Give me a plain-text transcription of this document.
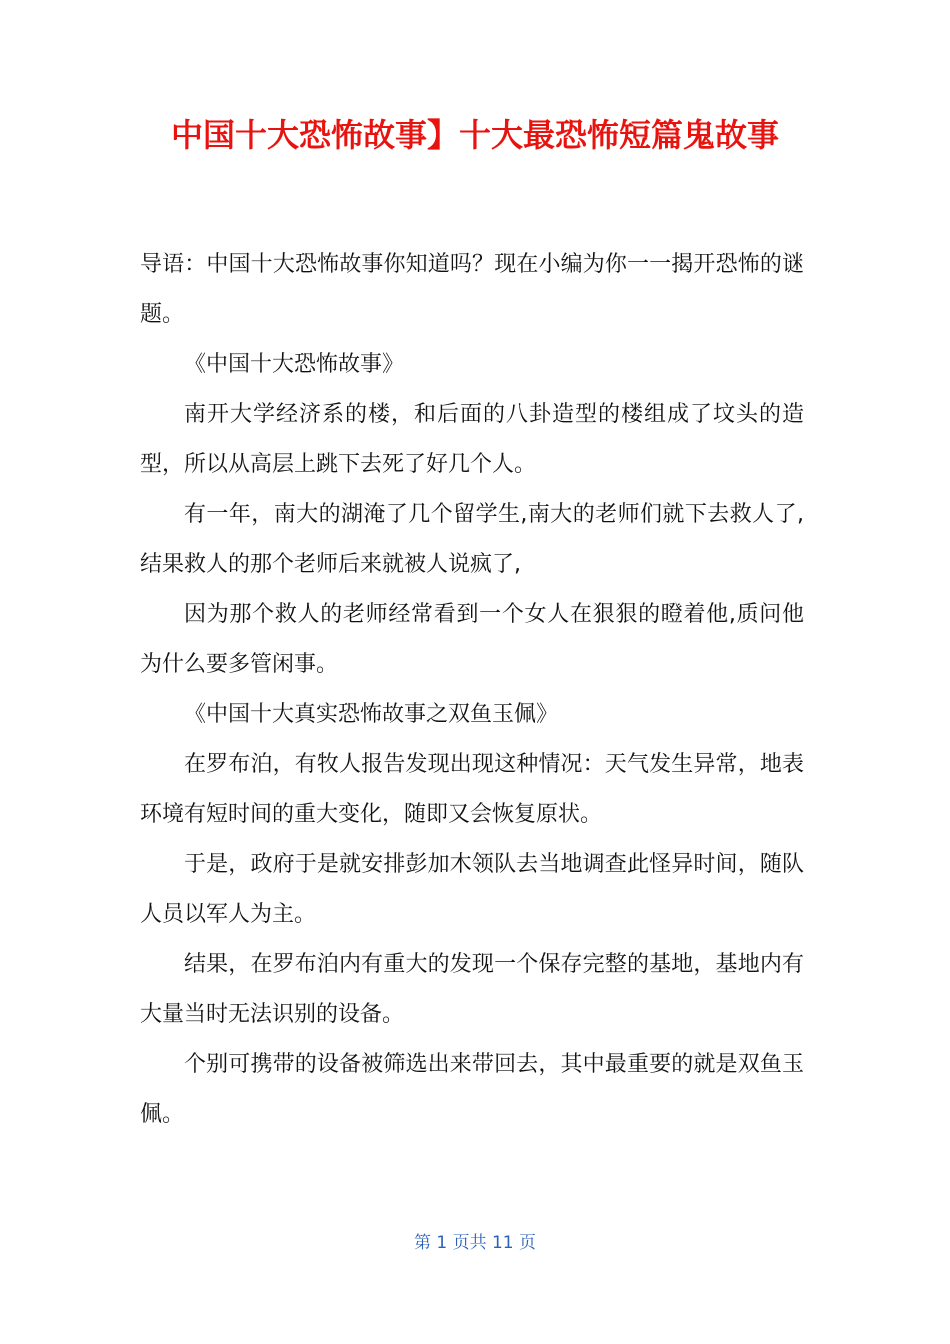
中国十大恐怖故事】十大最恐怖短篇鬼故事

导语：中国十大恐怖故事你知道吗？现在小编为你一一揭开恐怖的谜题。

《中国十大恐怖故事》

南开大学经济系的楼，和后面的八卦造型的楼组成了坟头的造型，所以从高层上跳下去死了好几个人。

有一年，南大的湖淹了几个留学生,南大的老师们就下去救人了,结果救人的那个老师后来就被人说疯了,

因为那个救人的老师经常看到一个女人在狠狠的瞪着他,质问他为什么要多管闲事。

《中国十大真实恐怖故事之双鱼玉佩》

在罗布泊，有牧人报告发现出现这种情况：天气发生异常，地表环境有短时间的重大变化，随即又会恢复原状。

于是，政府于是就安排彭加木领队去当地调查此怪异时间，随队人员以军人为主。

结果，在罗布泊内有重大的发现一个保存完整的基地，基地内有大量当时无法识别的设备。

个别可携带的设备被筛选出来带回去，其中最重要的就是双鱼玉佩。

第 1 页共 11 页
